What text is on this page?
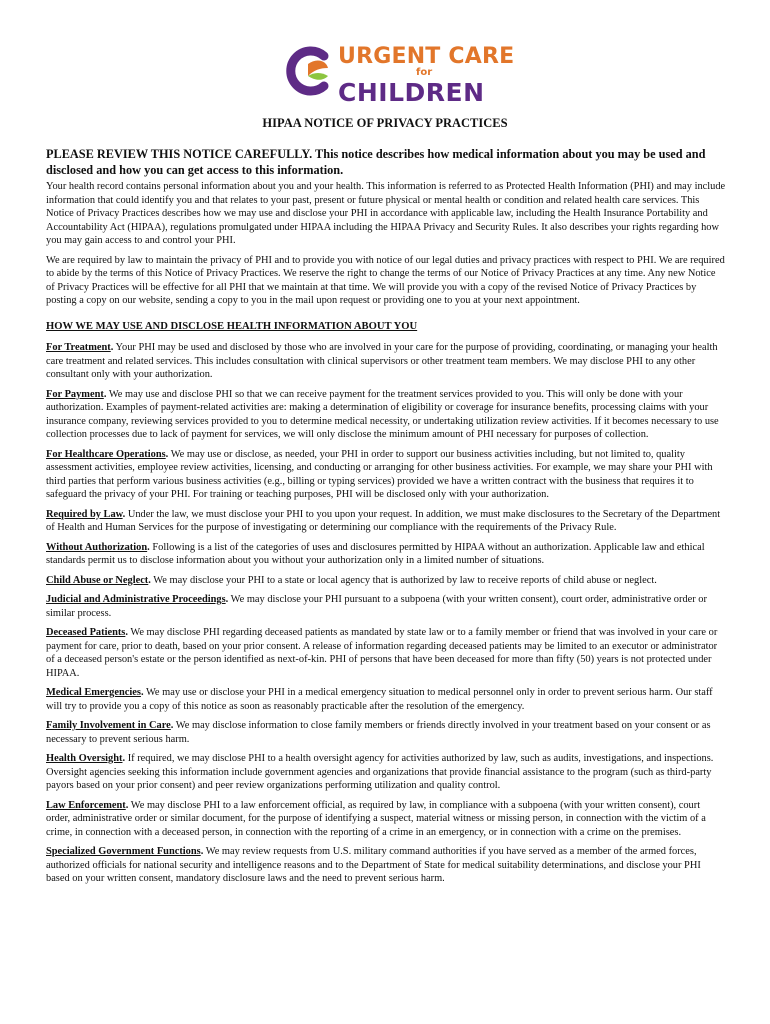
URGENT CARE
for
CHILDREN
HIPAA NOTICE OF PRIVACY PRACTICES
PLEASE REVIEW THIS NOTICE CAREFULLY. This notice describes how medical information about you may be used and disclosed and how you can get access to this information.

Your health record contains personal information about you and your health. This information is referred to as Protected Health Information (PHI) and may include information that could identify you and that relates to your past, present or future physical or mental health or condition and related health care services. This Notice of Privacy Practices describes how we may use and disclose your PHI in accordance with applicable law, including the Health Insurance Portability and Accountability Act (HIPAA), regulations promulgated under HIPAA including the HIPAA Privacy and Security Rules. It also describes your rights regarding how you may gain access to and control your PHI.

We are required by law to maintain the privacy of PHI and to provide you with notice of our legal duties and privacy practices with respect to PHI. We are required to abide by the terms of this Notice of Privacy Practices. We reserve the right to change the terms of our Notice of Privacy Practices at any time. Any new Notice of Privacy Practices will be effective for all PHI that we maintain at that time. We will provide you with a copy of the revised Notice of Privacy Practices by posting a copy on our website, sending a copy to you in the mail upon request or providing one to you at your next appointment.

HOW WE MAY USE AND DISCLOSE HEALTH INFORMATION ABOUT YOU

For Treatment. Your PHI may be used and disclosed by those who are involved in your care for the purpose of providing, coordinating, or managing your health care treatment and related services. This includes consultation with clinical supervisors or other treatment team members. We may disclose PHI to any other consultant only with your authorization.

For Payment. We may use and disclose PHI so that we can receive payment for the treatment services provided to you. This will only be done with your authorization. Examples of payment-related activities are: making a determination of eligibility or coverage for insurance benefits, processing claims with your insurance company, reviewing services provided to you to determine medical necessity, or undertaking utilization review activities. If it becomes necessary to use collection processes due to lack of payment for services, we will only disclose the minimum amount of PHI necessary for purposes of collection.

For Healthcare Operations. We may use or disclose, as needed, your PHI in order to support our business activities including, but not limited to, quality assessment activities, employee review activities, licensing, and conducting or arranging for other business activities. For example, we may share your PHI with third parties that perform various business activities (e.g., billing or typing services) provided we have a written contract with the business that requires it to safeguard the privacy of your PHI. For training or teaching purposes, PHI will be disclosed only with your authorization.

Required by Law. Under the law, we must disclose your PHI to you upon your request. In addition, we must make disclosures to the Secretary of the Department of Health and Human Services for the purpose of investigating or determining our compliance with the requirements of the Privacy Rule.

Without Authorization. Following is a list of the categories of uses and disclosures permitted by HIPAA without an authorization. Applicable law and ethical standards permit us to disclose information about you without your authorization only in a limited number of situations.

Child Abuse or Neglect. We may disclose your PHI to a state or local agency that is authorized by law to receive reports of child abuse or neglect.

Judicial and Administrative Proceedings. We may disclose your PHI pursuant to a subpoena (with your written consent), court order, administrative order or similar process.

Deceased Patients. We may disclose PHI regarding deceased patients as mandated by state law or to a family member or friend that was involved in your care or payment for care, prior to death, based on your prior consent. A release of information regarding deceased patients may be limited to an executor or administrator of a deceased person's estate or the person identified as next-of-kin. PHI of persons that have been deceased for more than fifty (50) years is not protected under HIPAA.

Medical Emergencies. We may use or disclose your PHI in a medical emergency situation to medical personnel only in order to prevent serious harm. Our staff will try to provide you a copy of this notice as soon as reasonably practicable after the resolution of the emergency.

Family Involvement in Care. We may disclose information to close family members or friends directly involved in your treatment based on your consent or as necessary to prevent serious harm.

Health Oversight. If required, we may disclose PHI to a health oversight agency for activities authorized by law, such as audits, investigations, and inspections. Oversight agencies seeking this information include government agencies and organizations that provide financial assistance to the program (such as third-party payors based on your prior consent) and peer review organizations performing utilization and quality control.

Law Enforcement. We may disclose PHI to a law enforcement official, as required by law, in compliance with a subpoena (with your written consent), court order, administrative order or similar document, for the purpose of identifying a suspect, material witness or missing person, in connection with the victim of a crime, in connection with a deceased person, in connection with the reporting of a crime in an emergency, or in connection with a crime on the premises.

Specialized Government Functions. We may review requests from U.S. military command authorities if you have served as a member of the armed forces, authorized officials for national security and intelligence reasons and to the Department of State for medical suitability determinations, and disclose your PHI based on your written consent, mandatory disclosure laws and the need to prevent serious harm.
